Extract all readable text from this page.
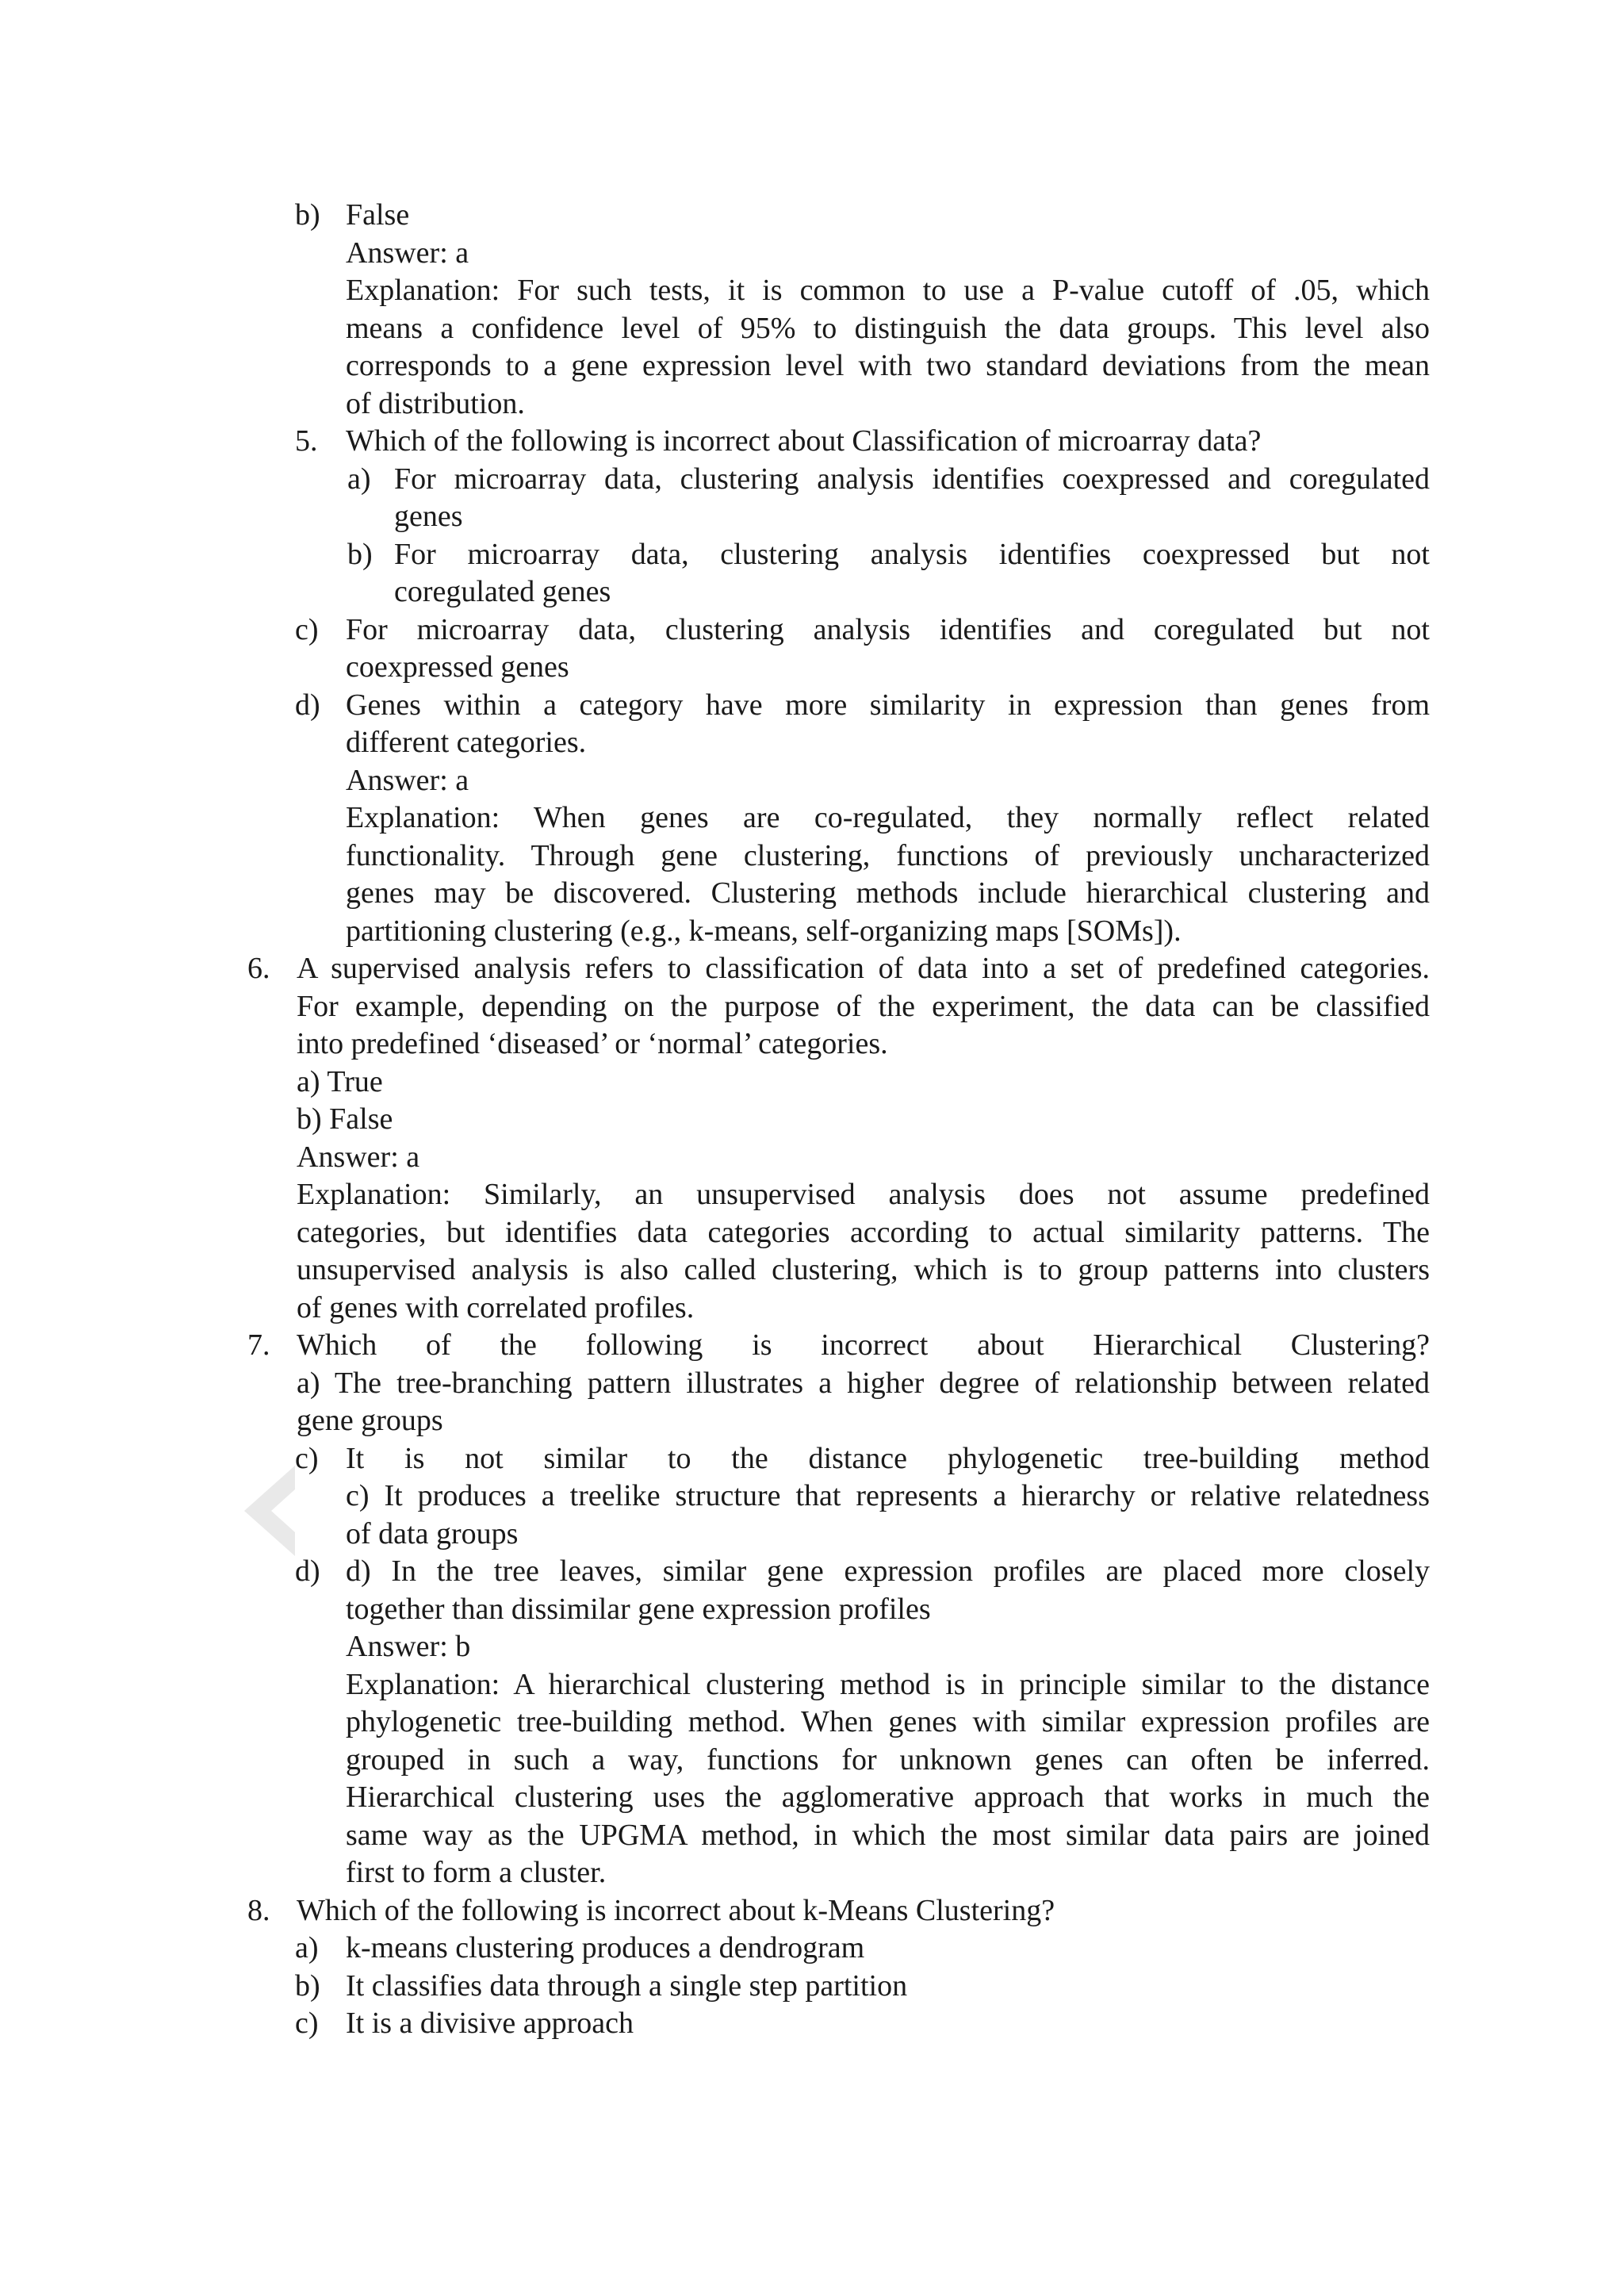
b) False
Answer: a
Explanation: For such tests, it is common to use a P-value cutoff of .05, which
means a confidence level of 95% to distinguish the data groups. This level also
corresponds to a gene expression level with two standard deviations from the mean
of distribution.
5. Which of the following is incorrect about Classification of microarray data?
a) For microarray data, clustering analysis identifies coexpressed and coregulated
genes
b) For microarray data, clustering analysis identifies coexpressed but not
coregulated genes
c) For microarray data, clustering analysis identifies and coregulated but not
coexpressed genes
d) Genes within a category have more similarity in expression than genes from
different categories.
Answer: a
Explanation: When genes are co-regulated, they normally reflect related
functionality. Through gene clustering, functions of previously uncharacterized
genes may be discovered. Clustering methods include hierarchical clustering and
partitioning clustering (e.g., k-means, self-organizing maps [SOMs]).
6. A supervised analysis refers to classification of data into a set of predefined categories.
For example, depending on the purpose of the experiment, the data can be classified
into predefined ‘diseased’ or ‘normal’ categories.
a) True
b) False
Answer: a
Explanation: Similarly, an unsupervised analysis does not assume predefined
categories, but identifies data categories according to actual similarity patterns. The
unsupervised analysis is also called clustering, which is to group patterns into clusters
of genes with correlated profiles.
7. Which of the following is incorrect about Hierarchical Clustering?
a) The tree-branching pattern illustrates a higher degree of relationship between related
gene groups
c) It is not similar to the distance phylogenetic tree-building method
c) It produces a treelike structure that represents a hierarchy or relative relatedness
of data groups
d) d) In the tree leaves, similar gene expression profiles are placed more closely
together than dissimilar gene expression profiles
Answer: b
Explanation: A hierarchical clustering method is in principle similar to the distance
phylogenetic tree-building method. When genes with similar expression profiles are
grouped in such a way, functions for unknown genes can often be inferred.
Hierarchical clustering uses the agglomerative approach that works in much the
same way as the UPGMA method, in which the most similar data pairs are joined
first to form a cluster.
8. Which of the following is incorrect about k-Means Clustering?
a) k-means clustering produces a dendrogram
b) It classifies data through a single step partition
c) It is a divisive approach
